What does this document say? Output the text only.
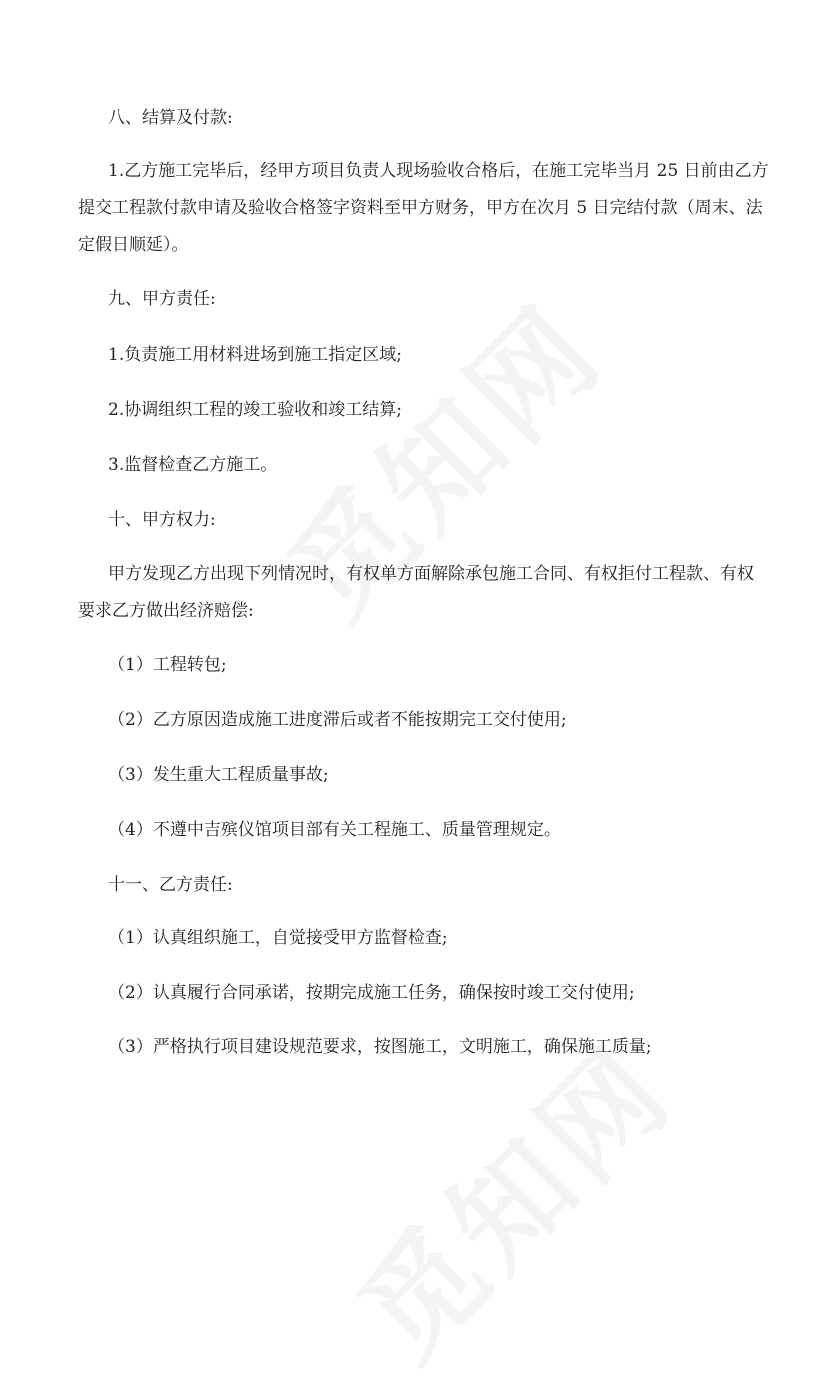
八、结算及付款:
1.乙方施工完毕后，经甲方项目负责人现场验收合格后，在施工完毕当月 25 日前由乙方
提交工程款付款申请及验收合格签字资料至甲方财务，甲方在次月 5 日完结付款（周末、法
定假日顺延）。
九、甲方责任:
1.负责施工用材料进场到施工指定区域;
2.协调组织工程的竣工验收和竣工结算;
3.监督检查乙方施工。
十、甲方权力:
甲方发现乙方出现下列情况时，有权单方面解除承包施工合同、有权拒付工程款、有权
要求乙方做出经济赔偿:
（1）工程转包;
（2）乙方原因造成施工进度滞后或者不能按期完工交付使用;
（3）发生重大工程质量事故;
（4）不遵中吉殡仪馆项目部有关工程施工、质量管理规定。
十一、乙方责任:
（1）认真组织施工，自觉接受甲方监督检查;
（2）认真履行合同承诺，按期完成施工任务，确保按时竣工交付使用;
（3）严格执行项目建设规范要求，按图施工，文明施工，确保施工质量;
